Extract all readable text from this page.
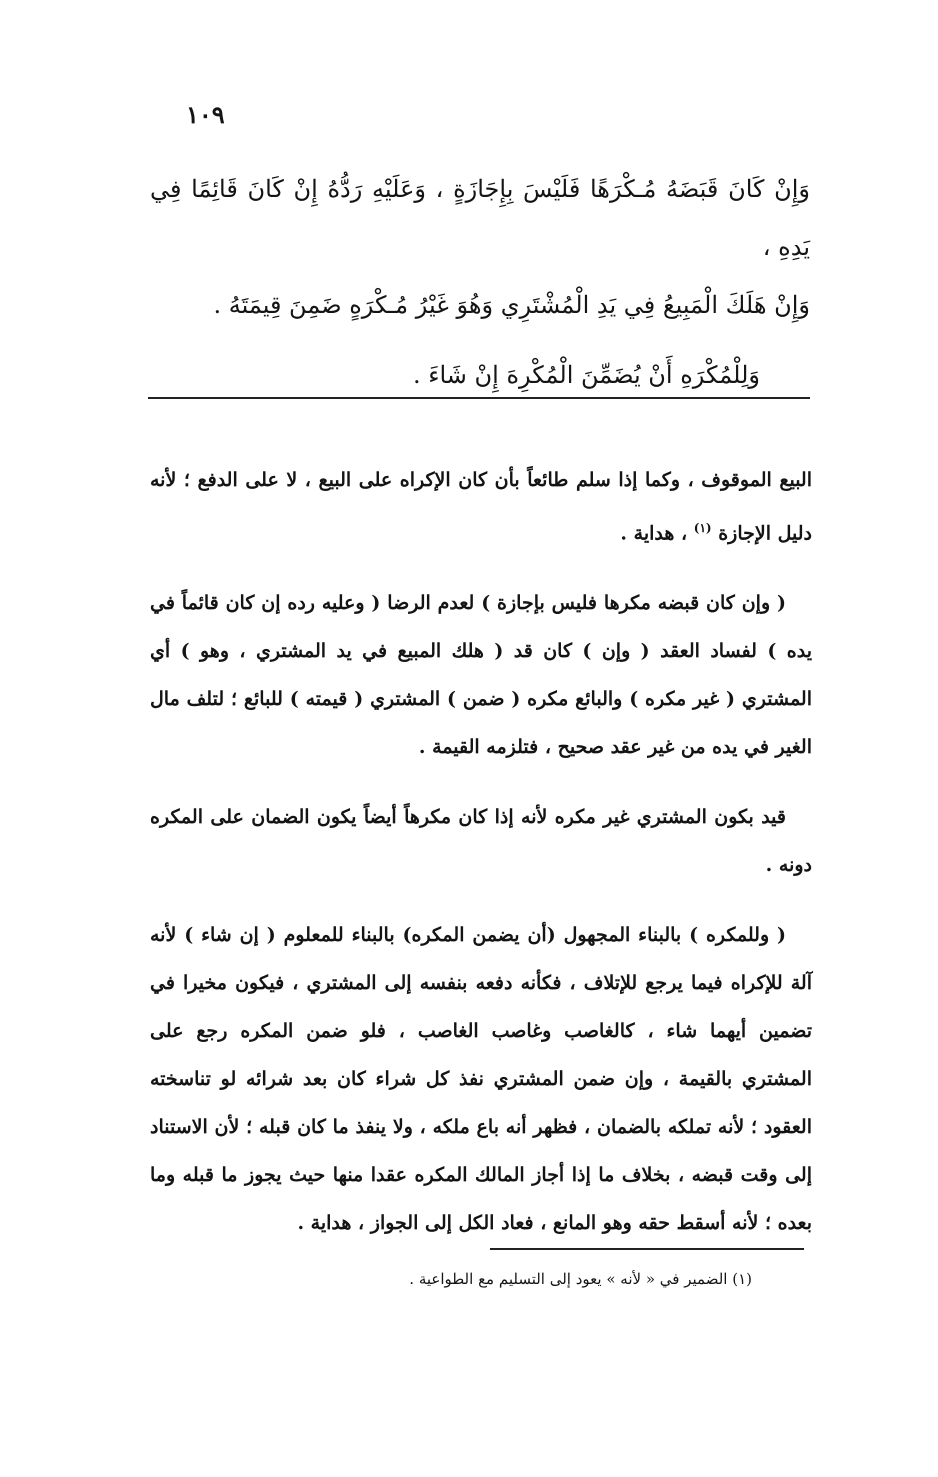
١٠٩

وَإِنْ كَانَ قَبَضَهُ مُـكْرَهًا فَلَيْسَ بِإِجَازَةٍ ، وَعَلَيْهِ رَدُّهُ إِنْ كَانَ قَائِمًا فِي يَدِهِ ،

وَإِنْ هَلَكَ الْمَبِيعُ فِي يَدِ الْمُشْتَرِي وَهُوَ غَيْرُ مُـكْرَهٍ ضَمِنَ قِيمَتَهُ .

وَلِلْمُكْرَهِ أَنْ يُضَمِّنَ الْمُكْرِهَ إِنْ شَاءَ .

البيع الموقوف ، وكما إذا سلم طائعاً بأن كان الإكراه على البيع ، لا على الدفع ؛ لأنه دليل الإجازة $^{(١)}$ ، هداية .

( وإن كان قبضه مكرها فليس بإجازة ) لعدم الرضا ( وعليه رده إن كان قائماً في يده ) لفساد العقد ( وإن ) كان قد ( هلك المبيع في يد المشتري ، وهو ) أي المشتري ( غير مكره ) والبائع مكره ( ضمن ) المشتري ( قيمته ) للبائع ؛ لتلف مال الغير في يده من غير عقد صحيح ، فتلزمه القيمة .

قيد بكون المشتري غير مكره لأنه إذا كان مكرهاً أيضاً يكون الضمان على المكره دونه .

( وللمكره ) بالبناء المجهول (أن يضمن المكره) بالبناء للمعلوم ( إن شاء ) لأنه آلة للإكراه فيما يرجع للإتلاف ، فكأنه دفعه بنفسه إلى المشتري ، فيكون مخيرا في تضمين أيهما شاء ، كالغاصب وغاصب الغاصب ، فلو ضمن المكره رجع على المشتري بالقيمة ، وإن ضمن المشتري نفذ كل شراء كان بعد شرائه لو تناسخته العقود ؛ لأنه تملكه بالضمان ، فظهر أنه باع ملكه ، ولا ينفذ ما كان قبله ؛ لأن الاستناد إلى وقت قبضه ، بخلاف ما إذا أجاز المالك المكره عقدا منها حيث يجوز ما قبله وما بعده ؛ لأنه أسقط حقه وهو المانع ، فعاد الكل إلى الجواز ، هداية .

(١) الضمير في « لأنه » يعود إلى التسليم مع الطواعية .
